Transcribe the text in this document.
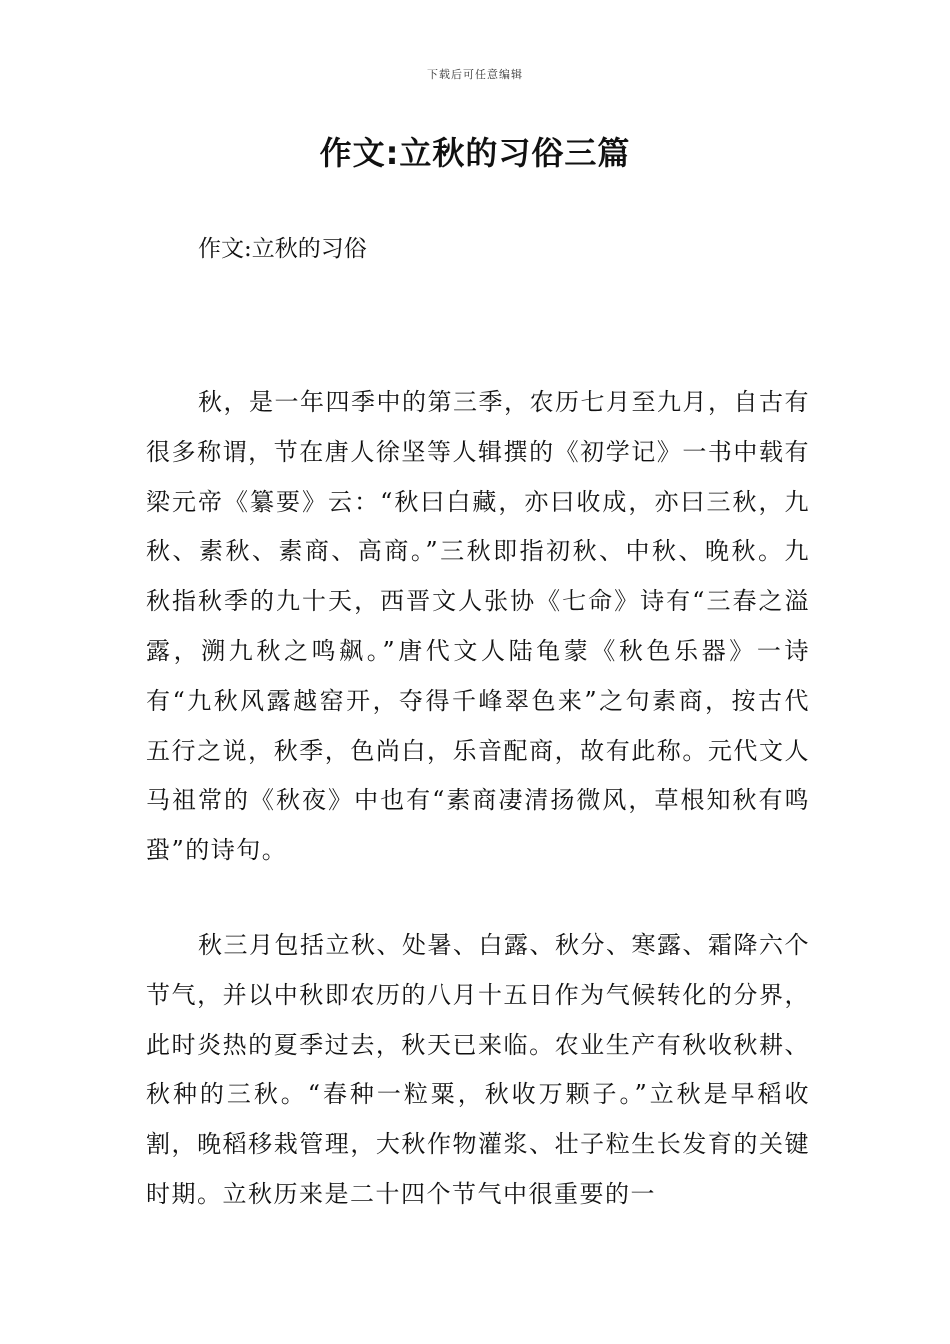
下载后可任意编辑
作文:立秋的习俗三篇
作文:立秋的习俗

秋，是一年四季中的第三季，农历七月至九月，自古有很多称谓，节在唐人徐坚等人辑撰的《初学记》一书中载有梁元帝《纂要》云：“秋曰白藏，亦曰收成，亦曰三秋，九秋、素秋、素商、高商。”三秋即指初秋、中秋、晚秋。九秋指秋季的九十天，西晋文人张协《七命》诗有“三春之溢露，溯九秋之鸣飙。”唐代文人陆龟蒙《秋色乐器》一诗有“九秋风露越窑开，夺得千峰翠色来”之句素商，按古代五行之说，秋季，色尚白，乐音配商，故有此称。元代文人马祖常的《秋夜》中也有“素商凄清扬微风，草根知秋有鸣蛩”的诗句。

秋三月包括立秋、处暑、白露、秋分、寒露、霜降六个节气，并以中秋即农历的八月十五日作为气候转化的分界，此时炎热的夏季过去，秋天已来临。农业生产有秋收秋耕、秋种的三秋。“春种一粒粟，秋收万颗子。”立秋是早稻收割，晚稻移栽管理，大秋作物灌浆、壮子粒生长发育的关键时期。立秋历来是二十四个节气中很重要的一
